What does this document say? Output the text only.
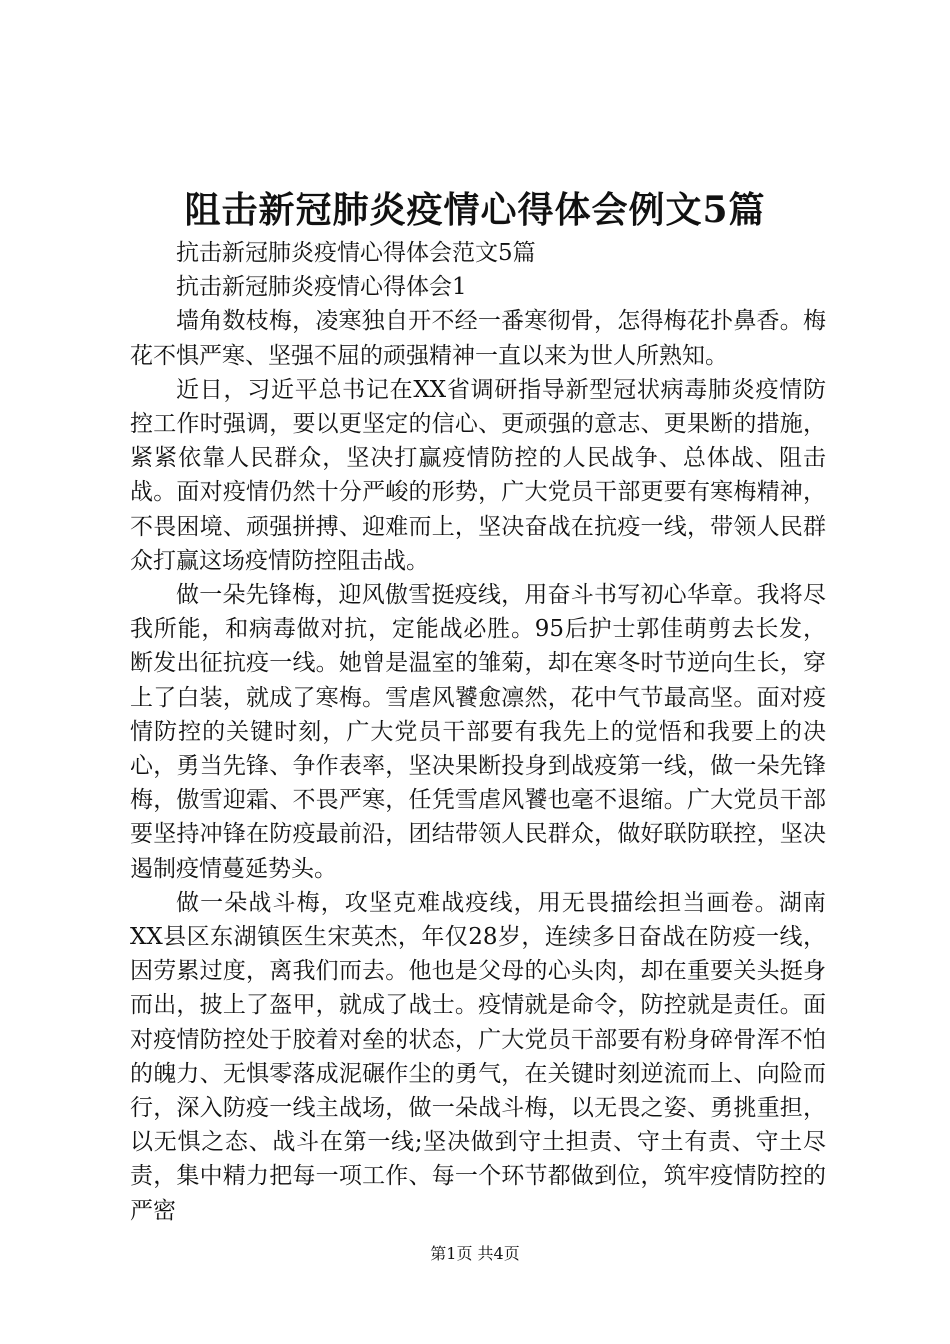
阻击新冠肺炎疫情心得体会例文5篇

抗击新冠肺炎疫情心得体会范文5篇

抗击新冠肺炎疫情心得体会1

墙角数枝梅，凌寒独自开不经一番寒彻骨，怎得梅花扑鼻香。梅花不惧严寒、坚强不屈的顽强精神一直以来为世人所熟知。

近日，习近平总书记在XX省调研指导新型冠状病毒肺炎疫情防控工作时强调，要以更坚定的信心、更顽强的意志、更果断的措施，紧紧依靠人民群众，坚决打赢疫情防控的人民战争、总体战、阻击战。面对疫情仍然十分严峻的形势，广大党员干部更要有寒梅精神，不畏困境、顽强拼搏、迎难而上，坚决奋战在抗疫一线，带领人民群众打赢这场疫情防控阻击战。

做一朵先锋梅，迎风傲雪挺疫线，用奋斗书写初心华章。我将尽我所能，和病毒做对抗，定能战必胜。95后护士郭佳萌剪去长发，断发出征抗疫一线。她曾是温室的雏菊，却在寒冬时节逆向生长，穿上了白装，就成了寒梅。雪虐风饕愈凛然，花中气节最高坚。面对疫情防控的关键时刻，广大党员干部要有我先上的觉悟和我要上的决心，勇当先锋、争作表率，坚决果断投身到战疫第一线，做一朵先锋梅，傲雪迎霜、不畏严寒，任凭雪虐风饕也毫不退缩。广大党员干部要坚持冲锋在防疫最前沿，团结带领人民群众，做好联防联控，坚决遏制疫情蔓延势头。

做一朵战斗梅，攻坚克难战疫线，用无畏描绘担当画卷。湖南XX县区东湖镇医生宋英杰，年仅28岁，连续多日奋战在防疫一线，因劳累过度，离我们而去。他也是父母的心头肉，却在重要关头挺身而出，披上了盔甲，就成了战士。疫情就是命令，防控就是责任。面对疫情防控处于胶着对垒的状态，广大党员干部要有粉身碎骨浑不怕的魄力、无惧零落成泥碾作尘的勇气，在关键时刻逆流而上、向险而行，深入防疫一线主战场，做一朵战斗梅，以无畏之姿、勇挑重担，以无惧之态、战斗在第一线;坚决做到守土担责、守土有责、守土尽责，集中精力把每一项工作、每一个环节都做到位，筑牢疫情防控的严密

第1页 共4页
